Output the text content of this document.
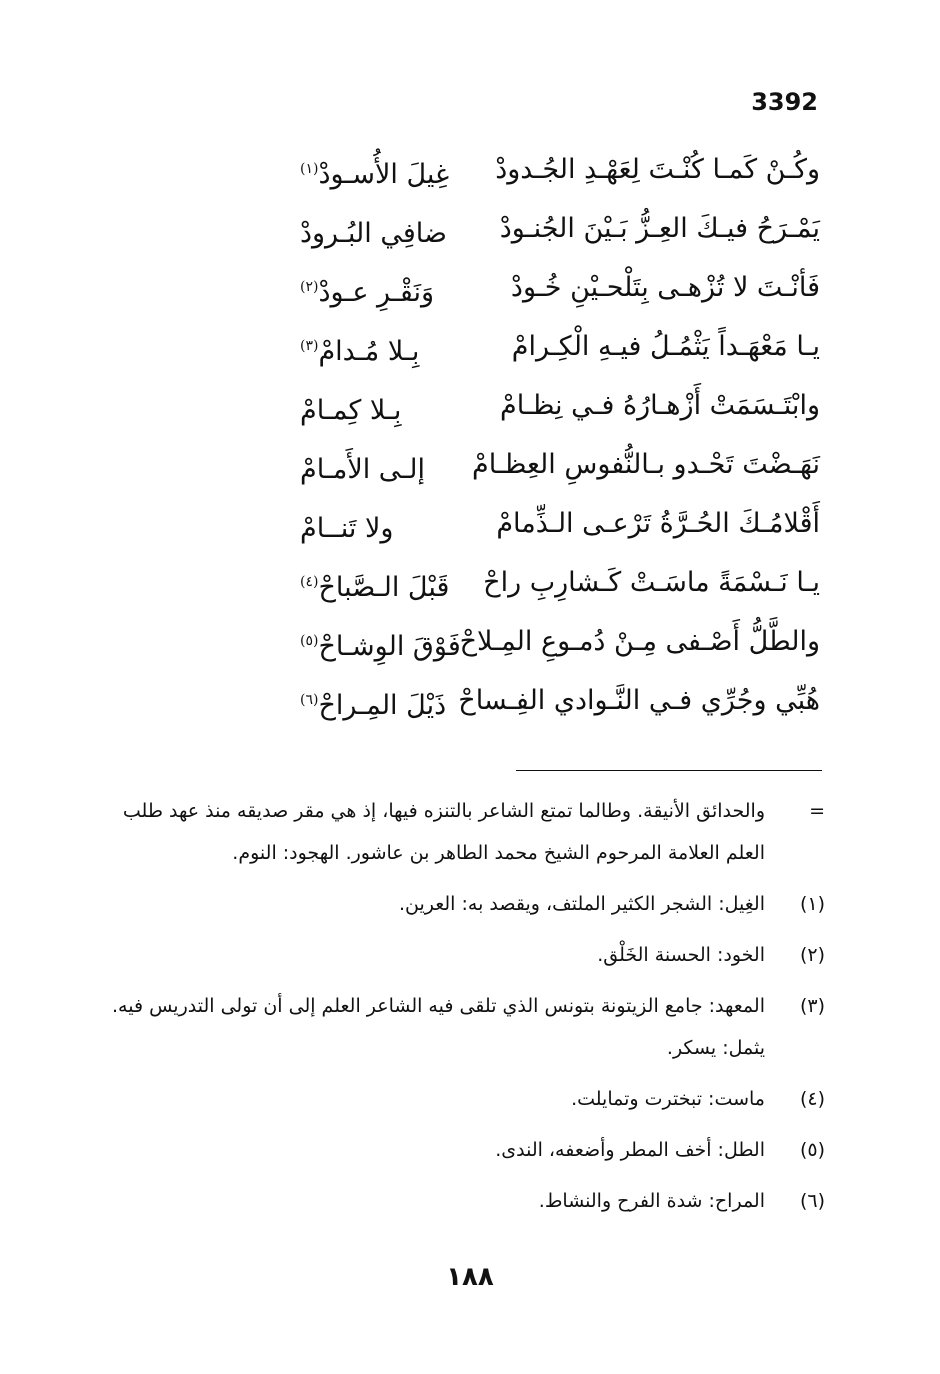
3392
وكُـنْ كَمـا كُنْـتَ لِعَهْـدِ الجُـدودْ
غِيلَ الأُسـودْ$^{(١)}$
يَمْـرَحُ فيـكَ العِـزُّ بَـيْنَ الجُنـودْ
ضافِي البُـرودْ
فَأنْـتَ لا تُزْهـى بِتَلْحـيْنِ خُـودْ
وَنَقْـرِ عـودْ$^{(٢)}$
يـا مَعْهَـداً يَثْمُـلُ فيـهِ الْكِـرامْ
بِـلا مُـدامْ$^{(٣)}$
وابْتَـسَمَتْ أَزْهـارُهُ فـي نِظـامْ
بِـلا كِمـامْ
نَهَـضْتَ تَحْـدو بـالنُّفوسِ العِظـامْ
إلـى الأَمـامْ
أَقْلامُـكَ الحُـرَّةُ تَرْعـى الـذِّمامْ
ولا تَنــامْ
يـا نَـسْمَةً ماسَـتْ كَـشارِبِ راحْ
قَبْلَ الـصَّباحْ$^{(٤)}$
والطَّلُّ أَصْـفى مِـنْ دُمـوعِ المِـلاحْ
فَوْقَ الوِشـاحْ$^{(٥)}$
هُبِّي وجُرِّي فـي النَّـوادي الفِـساحْ
ذَيْلَ المِـراحْ$^{(٦)}$
=
والحدائق الأنيقة. وطالما تمتع الشاعر بالتنزه فيها، إذ هي مقر صديقه منذ عهد طلب العلم العلامة المرحوم الشيخ محمد الطاهر بن عاشور. الهجود: النوم.
(١)
الغِيل: الشجر الكثير الملتف، ويقصد به: العرين.
(٢)
الخود: الحسنة الخَلْق.
(٣)
المعهد: جامع الزيتونة بتونس الذي تلقى فيه الشاعر العلم إلى أن تولى التدريس فيه. يثمل: يسكر.
(٤)
ماست: تبخترت وتمايلت.
(٥)
الطل: أخف المطر وأضعفه، الندى.
(٦)
المراح: شدة الفرح والنشاط.
١٨٨
